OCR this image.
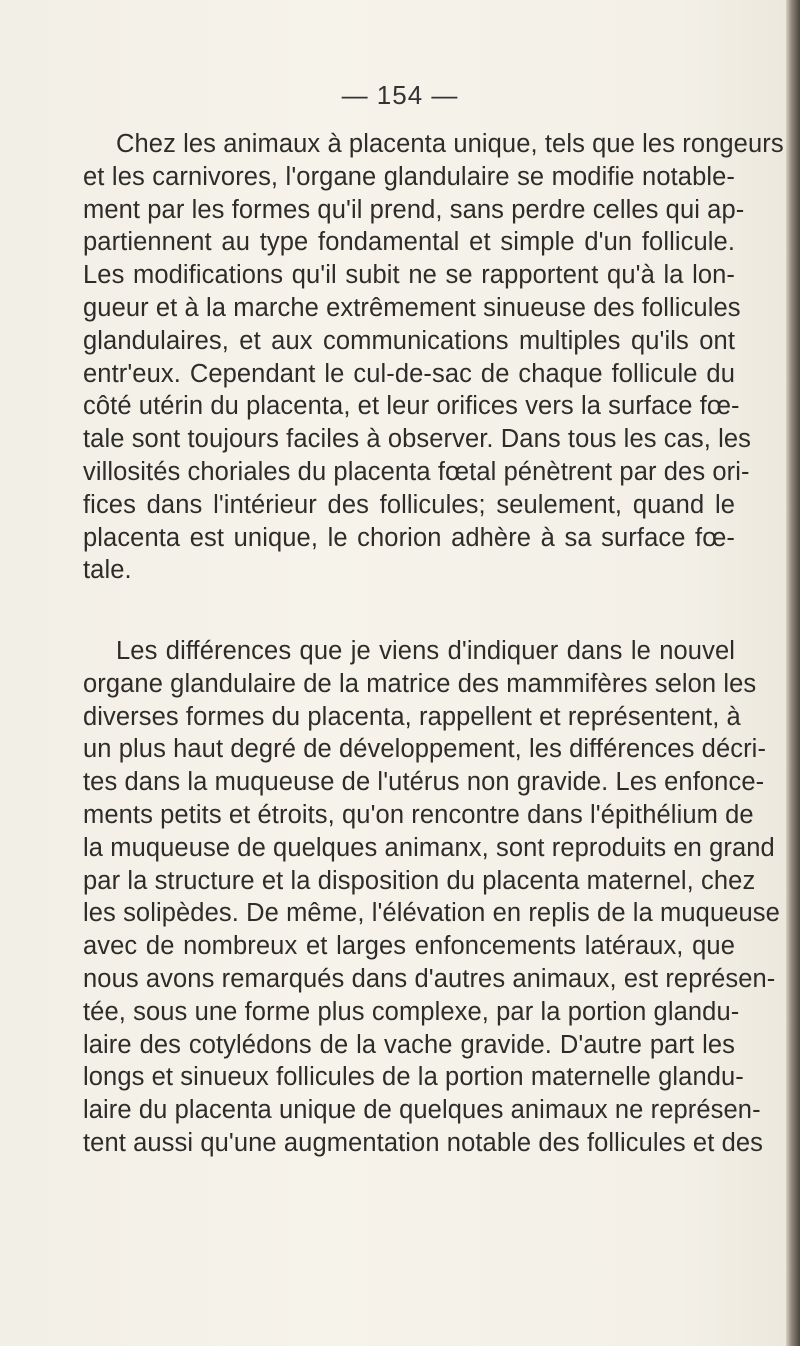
— 154 —
Chez les animaux à placenta unique, tels que les rongeurs
et les carnivores, l'organe glandulaire se modifie notable-
ment par les formes qu'il prend, sans perdre celles qui ap-
partiennent au type fondamental et simple d'un follicule.
Les modifications qu'il subit ne se rapportent qu'à la lon-
gueur et à la marche extrêmement sinueuse des follicules
glandulaires, et aux communications multiples qu'ils ont
entr'eux. Cependant le cul-de-sac de chaque follicule du
côté utérin du placenta, et leur orifices vers la surface fœ-
tale sont toujours faciles à observer. Dans tous les cas, les
villosités choriales du placenta fœtal pénètrent par des ori-
fices dans l'intérieur des follicules; seulement, quand le
placenta est unique, le chorion adhère à sa surface fœ-
tale.
Les différences que je viens d'indiquer dans le nouvel
organe glandulaire de la matrice des mammifères selon les
diverses formes du placenta, rappellent et représentent, à
un plus haut degré de développement, les différences décri-
tes dans la muqueuse de l'utérus non gravide. Les enfonce-
ments petits et étroits, qu'on rencontre dans l'épithélium de
la muqueuse de quelques animanx, sont reproduits en grand
par la structure et la disposition du placenta maternel, chez
les solipèdes. De même, l'élévation en replis de la muqueuse
avec de nombreux et larges enfoncements latéraux, que
nous avons remarqués dans d'autres animaux, est représen-
tée, sous une forme plus complexe, par la portion glandu-
laire des cotylédons de la vache gravide. D'autre part les
longs et sinueux follicules de la portion maternelle glandu-
laire du placenta unique de quelques animaux ne représen-
tent aussi qu'une augmentation notable des follicules et des
